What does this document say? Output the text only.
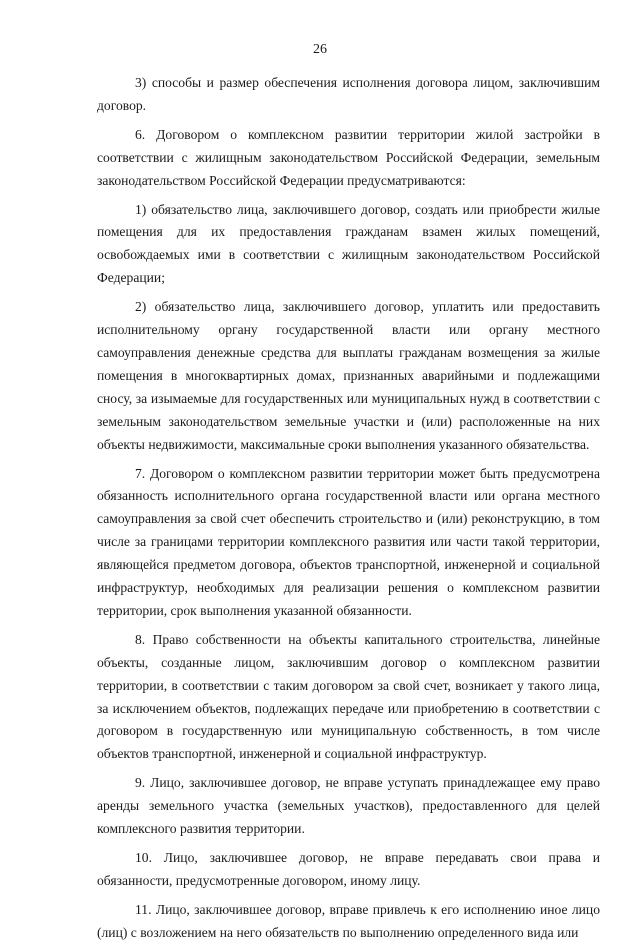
26

3) способы и размер обеспечения исполнения договора лицом, заключившим договор.

6. Договором о комплексном развитии территории жилой застройки в соответствии с жилищным законодательством Российской Федерации, земельным законодательством Российской Федерации предусматриваются:

1) обязательство лица, заключившего договор, создать или приобрести жилые помещения для их предоставления гражданам взамен жилых помещений, освобождаемых ими в соответствии с жилищным законодательством Российской Федерации;

2) обязательство лица, заключившего договор, уплатить или предоставить исполнительному органу государственной власти или органу местного самоуправления денежные средства для выплаты гражданам возмещения за жилые помещения в многоквартирных домах, признанных аварийными и подлежащими сносу, за изымаемые для государственных или муниципальных нужд в соответствии с земельным законодательством земельные участки и (или) расположенные на них объекты недвижимости, максимальные сроки выполнения указанного обязательства.

7. Договором о комплексном развитии территории может быть предусмотрена обязанность исполнительного органа государственной власти или органа местного самоуправления за свой счет обеспечить строительство и (или) реконструкцию, в том числе за границами территории комплексного развития или части такой территории, являющейся предметом договора, объектов транспортной, инженерной и социальной инфраструктур, необходимых для реализации решения о комплексном развитии территории, срок выполнения указанной обязанности.

8. Право собственности на объекты капитального строительства, линейные объекты, созданные лицом, заключившим договор о комплексном развитии территории, в соответствии с таким договором за свой счет, возникает у такого лица, за исключением объектов, подлежащих передаче или приобретению в соответствии с договором в государственную или муниципальную собственность, в том числе объектов транспортной, инженерной и социальной инфраструктур.

9. Лицо, заключившее договор, не вправе уступать принадлежащее ему право аренды земельного участка (земельных участков), предоставленного для целей комплексного развития территории.

10. Лицо, заключившее договор, не вправе передавать свои права и обязанности, предусмотренные договором, иному лицу.

11. Лицо, заключившее договор, вправе привлечь к его исполнению иное лицо (лиц) с возложением на него обязательств по выполнению определенного вида или
